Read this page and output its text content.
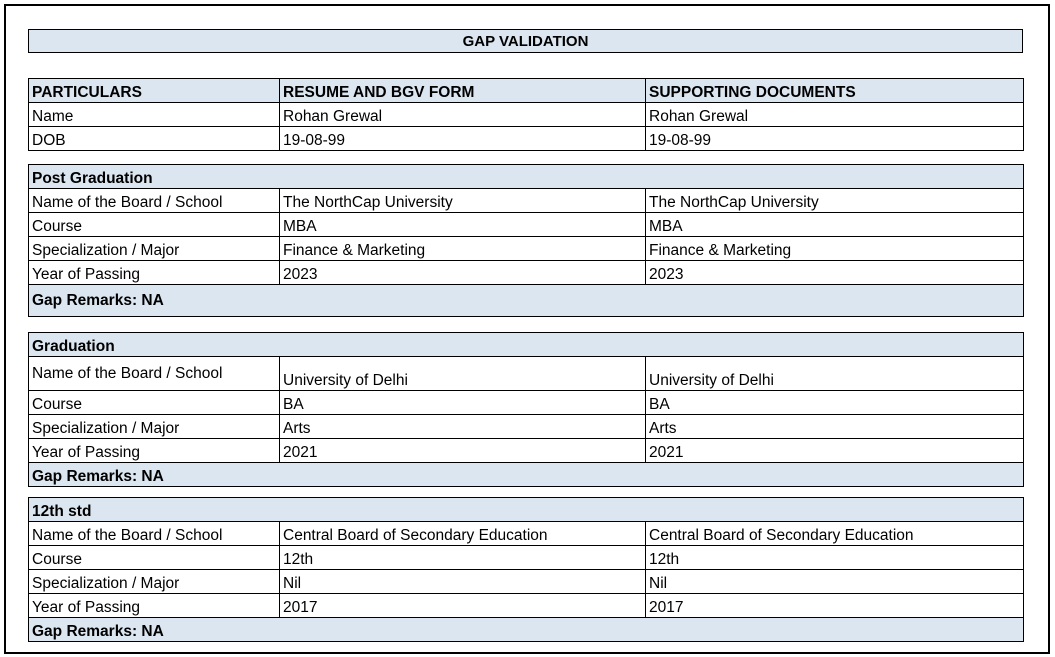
GAP VALIDATION
PARTICULARS	RESUME AND BGV FORM	SUPPORTING DOCUMENTS
Name	Rohan Grewal	Rohan Grewal
DOB	19-08-99	19-08-99
Post Graduation		
Name of the Board / School	The NorthCap University	The NorthCap University
Course	MBA	MBA
Specialization / Major	Finance & Marketing	Finance & Marketing
Year of Passing	2023	2023
Gap Remarks: NA		
Graduation		
Name of the Board / School	University of Delhi	University of Delhi
Course	BA	BA
Specialization / Major	Arts	Arts
Year of Passing	2021	2021
Gap Remarks: NA		
12th std		
Name of the Board / School	Central Board of Secondary Education	Central Board of Secondary Education
Course	12th	12th
Specialization / Major	Nil	Nil
Year of Passing	2017	2017
Gap Remarks: NA		
